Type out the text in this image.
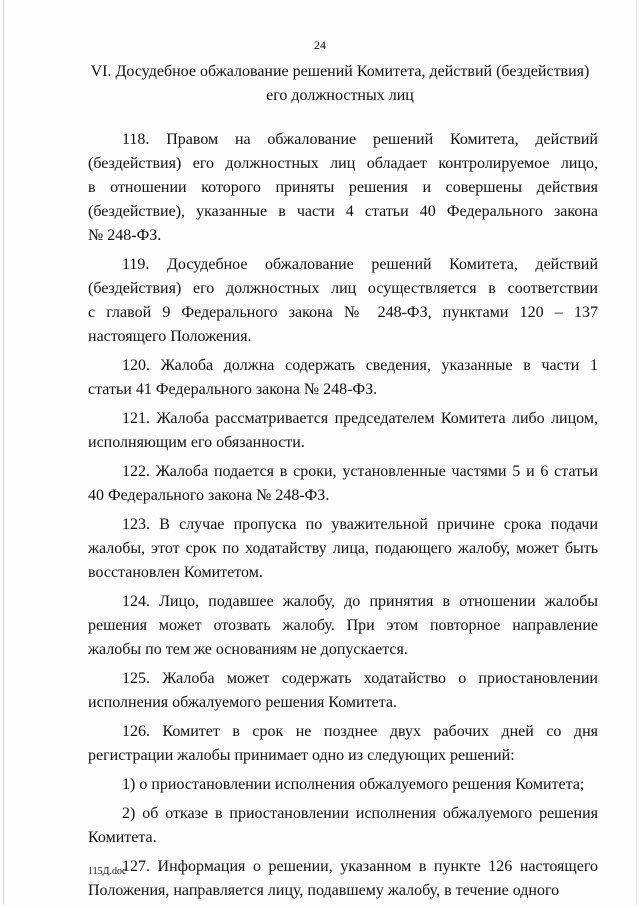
24
VI. Досудебное обжалование решений Комитета, действий (бездействия)
его должностных лиц

118. Правом на обжалование решений Комитета, действий
(бездействия) его должностных лиц обладает контролируемое лицо,
в отношении которого приняты решения и совершены действия
(бездействие), указанные в части 4 статьи 40 Федерального закона
№ 248-ФЗ.

119. Досудебное обжалование решений Комитета, действий
(бездействия) его должностных лиц осуществляется в соответствии
с главой 9 Федерального закона № 248-ФЗ, пунктами 120 – 137
настоящего Положения.

120. Жалоба должна содержать сведения, указанные в части 1
статьи 41 Федерального закона № 248-ФЗ.

121. Жалоба рассматривается председателем Комитета либо лицом,
исполняющим его обязанности.

122. Жалоба подается в сроки, установленные частями 5 и 6 статьи
40 Федерального закона № 248-ФЗ.

123. В случае пропуска по уважительной причине срока подачи
жалобы, этот срок по ходатайству лица, подающего жалобу, может быть
восстановлен Комитетом.

124. Лицо, подавшее жалобу, до принятия в отношении жалобы
решения может отозвать жалобу. При этом повторное направление
жалобы по тем же основаниям не допускается.

125. Жалоба может содержать ходатайство о приостановлении
исполнения обжалуемого решения Комитета.

126. Комитет в срок не позднее двух рабочих дней со дня
регистрации жалобы принимает одно из следующих решений:

1) о приостановлении исполнения обжалуемого решения Комитета;

2) об отказе в приостановлении исполнения обжалуемого решения
Комитета.

127. Информация о решении, указанном в пункте 126 настоящего
Положения, направляется лицу, подавшему жалобу, в течение одного

115Д.doc
